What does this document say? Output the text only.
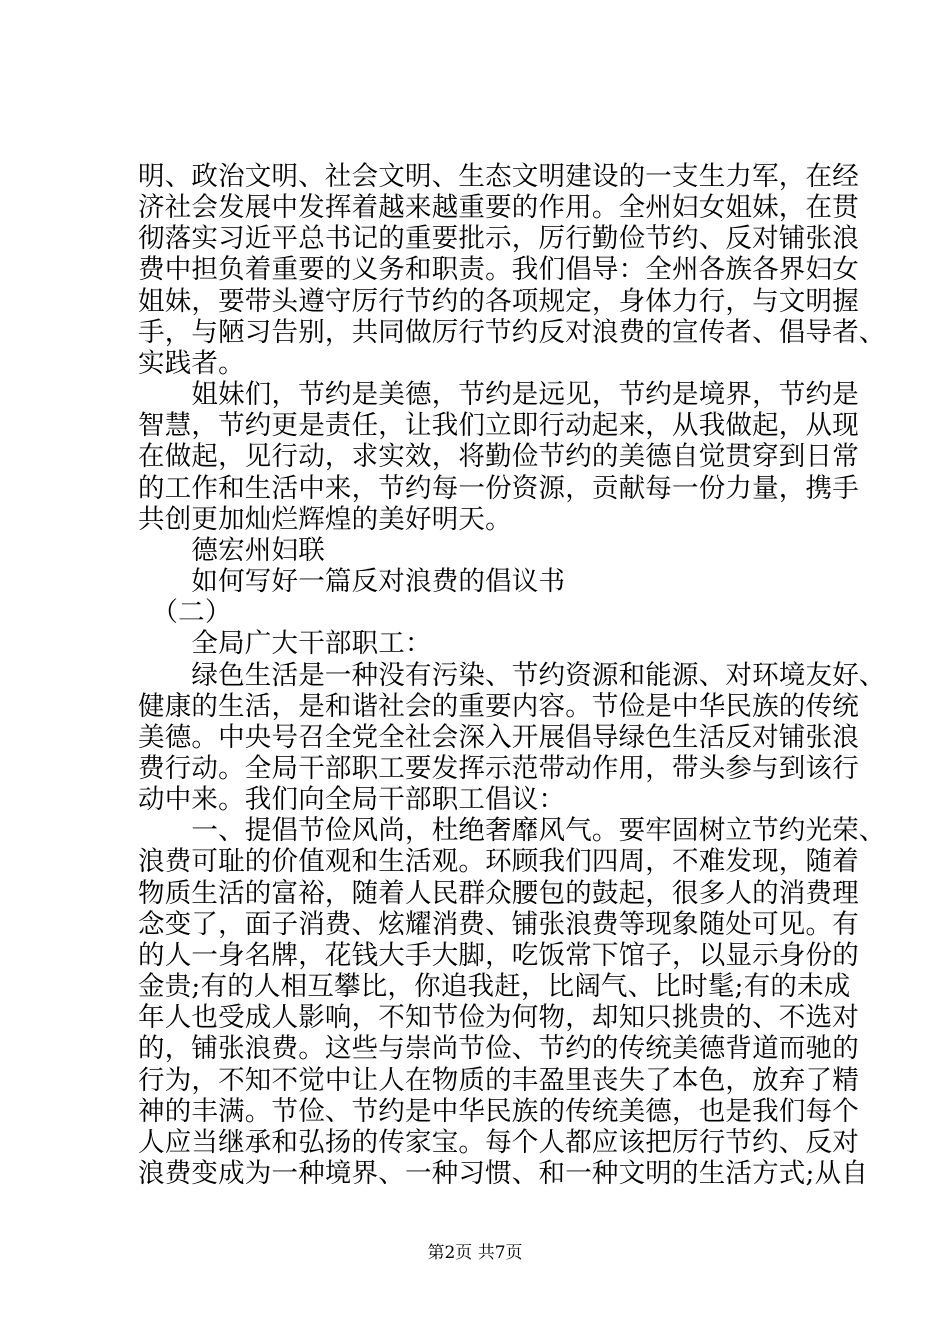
明、政治文明、社会文明、生态文明建设的一支生力军，在经
济社会发展中发挥着越来越重要的作用。全州妇女姐妹，在贯
彻落实习近平总书记的重要批示，厉行勤俭节约、反对铺张浪
费中担负着重要的义务和职责。我们倡导：全州各族各界妇女
姐妹，要带头遵守厉行节约的各项规定，身体力行，与文明握
手，与陋习告别，共同做厉行节约反对浪费的宣传者、倡导者、
实践者。
　　姐妹们，节约是美德，节约是远见，节约是境界，节约是
智慧，节约更是责任，让我们立即行动起来，从我做起，从现
在做起，见行动，求实效，将勤俭节约的美德自觉贯穿到日常
的工作和生活中来，节约每一份资源，贡献每一份力量，携手
共创更加灿烂辉煌的美好明天。
　　德宏州妇联
　　如何写好一篇反对浪费的倡议书
　（二）
　　全局广大干部职工：
　　绿色生活是一种没有污染、节约资源和能源、对环境友好、
健康的生活，是和谐社会的重要内容。节俭是中华民族的传统
美德。中央号召全党全社会深入开展倡导绿色生活反对铺张浪
费行动。全局干部职工要发挥示范带动作用，带头参与到该行
动中来。我们向全局干部职工倡议：
　　一、提倡节俭风尚，杜绝奢靡风气。要牢固树立节约光荣、
浪费可耻的价值观和生活观。环顾我们四周，不难发现，随着
物质生活的富裕，随着人民群众腰包的鼓起，很多人的消费理
念变了，面子消费、炫耀消费、铺张浪费等现象随处可见。有
的人一身名牌，花钱大手大脚，吃饭常下馆子，以显示身份的
金贵;有的人相互攀比，你追我赶，比阔气、比时髦;有的未成
年人也受成人影响，不知节俭为何物，却知只挑贵的、不选对
的，铺张浪费。这些与崇尚节俭、节约的传统美德背道而驰的
行为，不知不觉中让人在物质的丰盈里丧失了本色，放弃了精
神的丰满。节俭、节约是中华民族的传统美德，也是我们每个
人应当继承和弘扬的传家宝。每个人都应该把厉行节约、反对
浪费变成为一种境界、一种习惯、和一种文明的生活方式;从自
第2页 共7页
